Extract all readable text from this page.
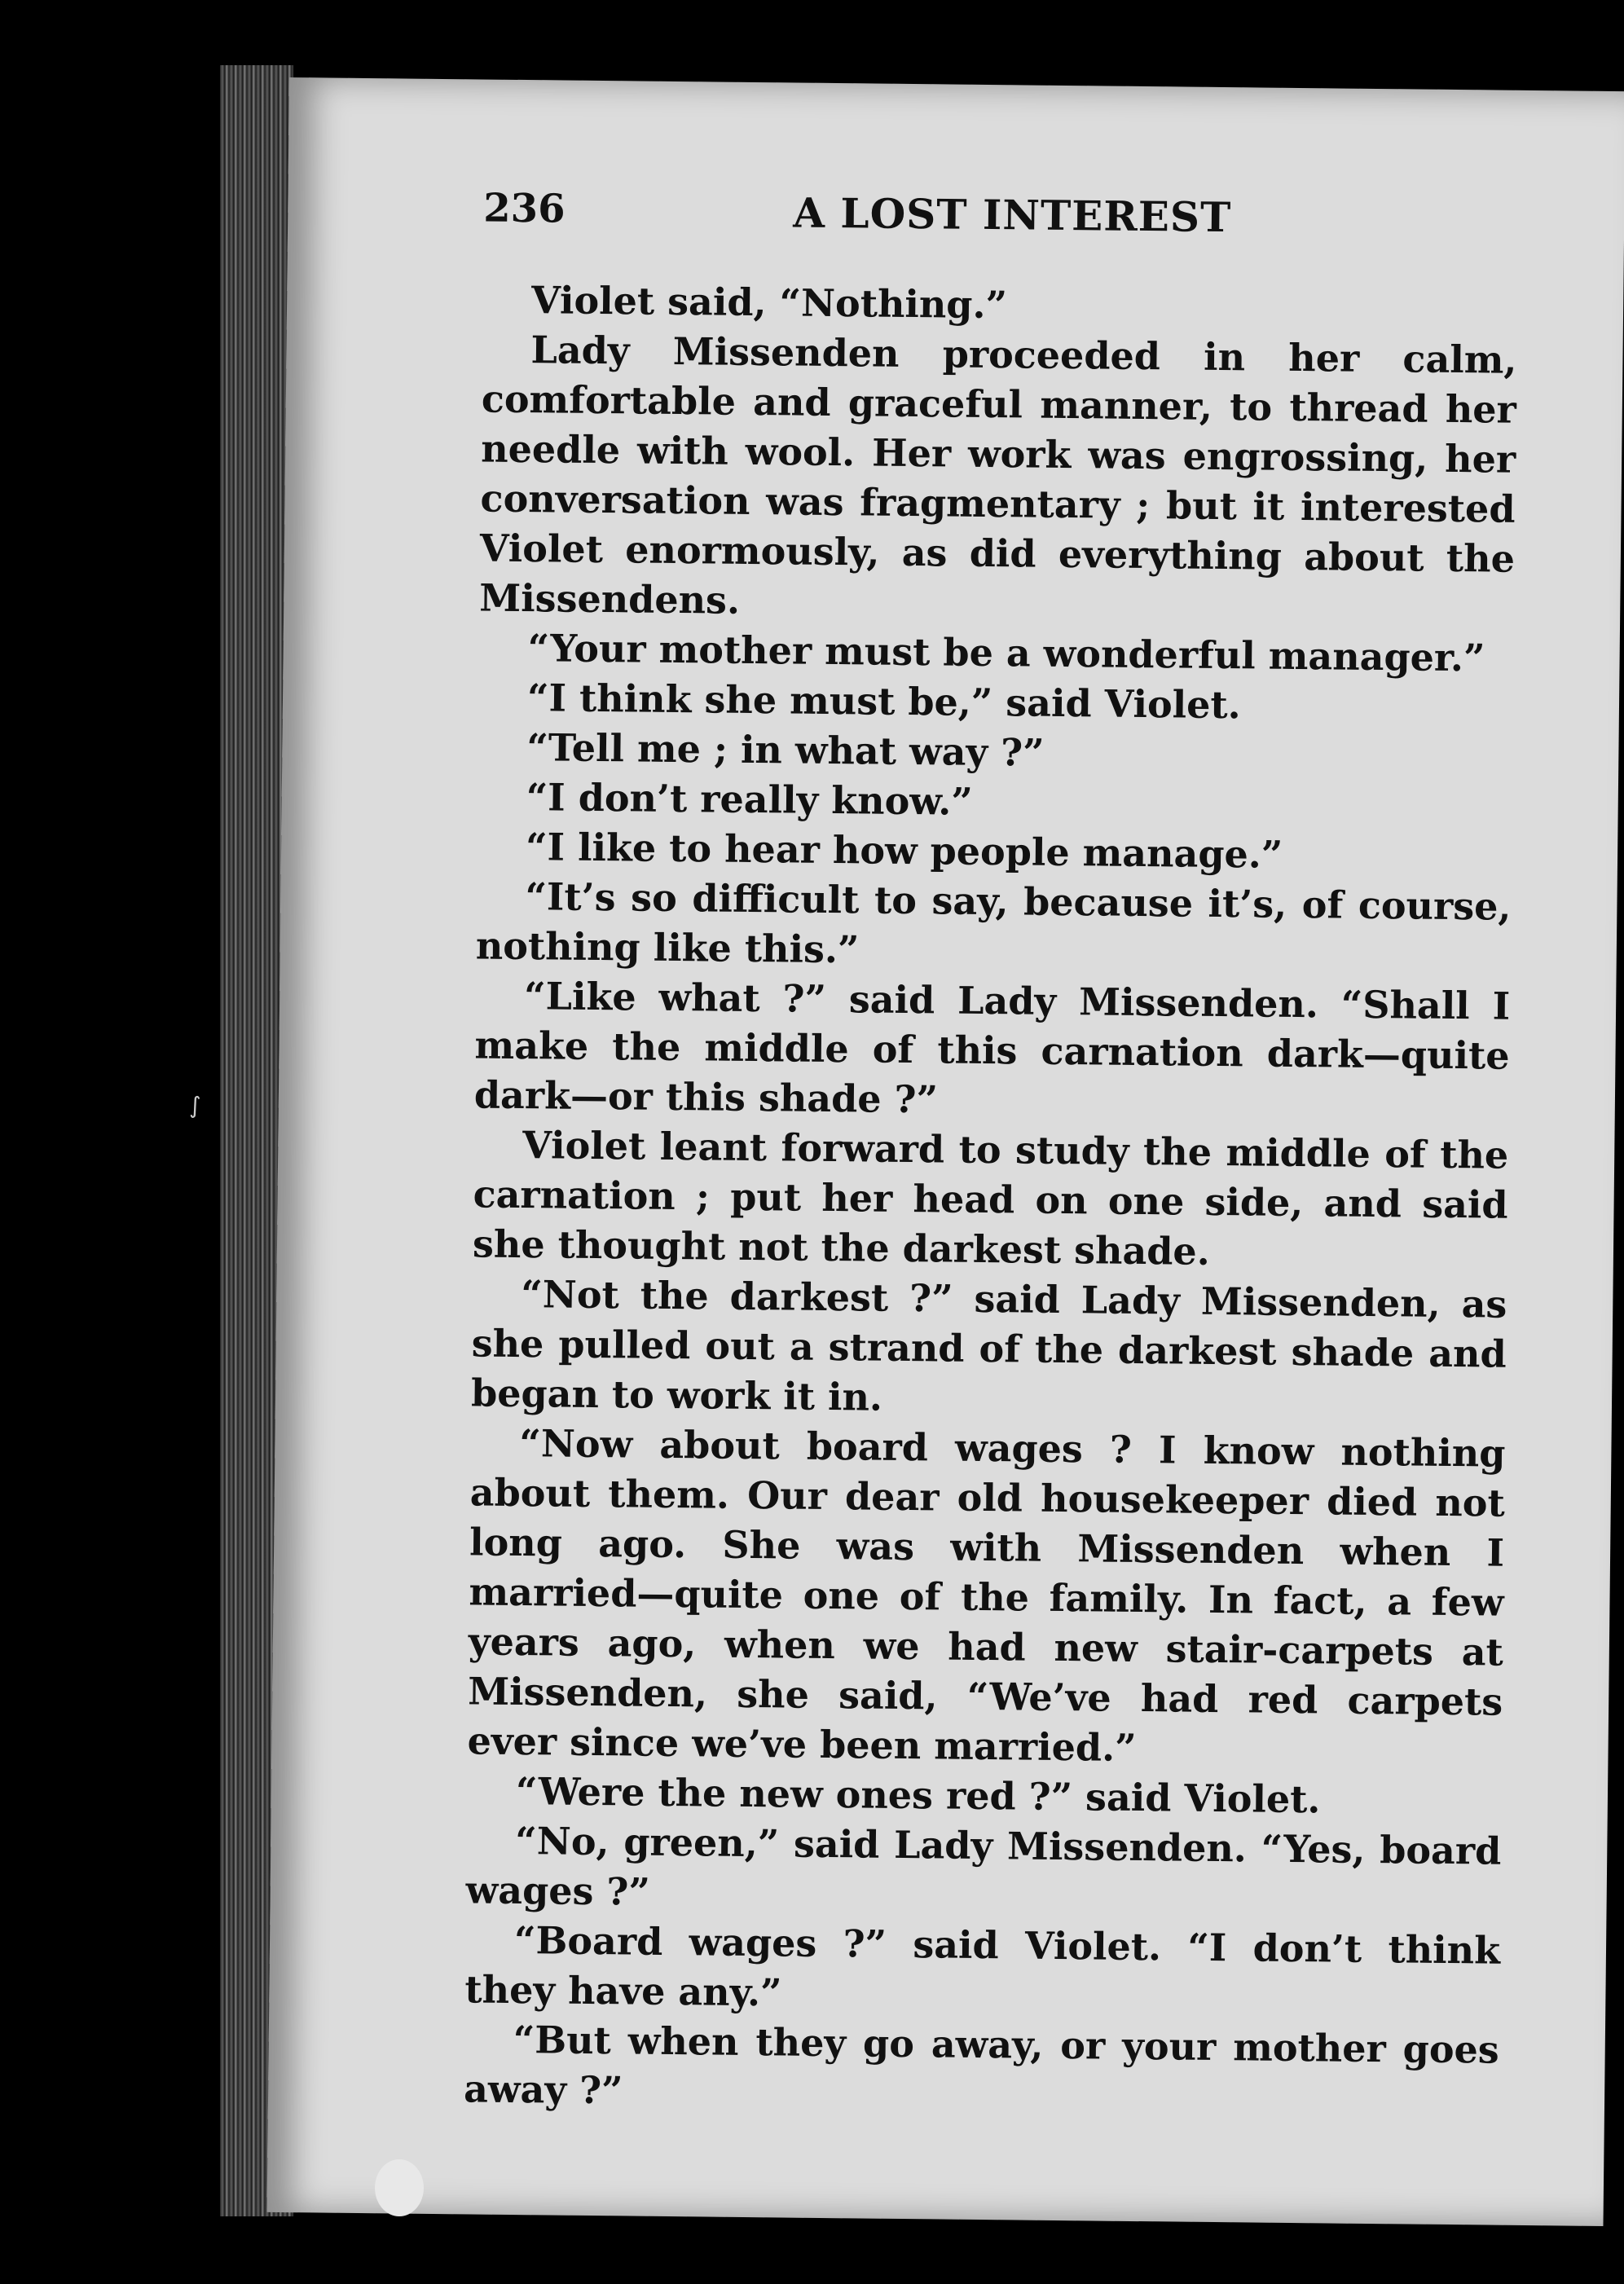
∫
236	A LOST INTEREST

Violet said, “Nothing.”

Lady Missenden proceeded in her calm, comfortable and graceful manner, to thread her needle with wool. Her work was engrossing, her conversation was fragmentary ; but it interested Violet enormously, as did everything about the Missendens.

“Your mother must be a wonderful manager.”

“I think she must be,” said Violet.

“Tell me ; in what way ?”

“I don’t really know.”

“I like to hear how people manage.”

“It’s so difficult to say, because it’s, of course, nothing like this.”

“Like what ?” said Lady Missenden. “Shall I make the middle of this carnation dark—quite dark—or this shade ?”

Violet leant forward to study the middle of the carnation ; put her head on one side, and said she thought not the darkest shade.

“Not the darkest ?” said Lady Missenden, as she pulled out a strand of the darkest shade and began to work it in.

“Now about board wages ? I know nothing about them. Our dear old housekeeper died not long ago. She was with Missenden when I married—quite one of the family. In fact, a few years ago, when we had new stair-carpets at Missenden, she said, “We’ve had red carpets ever since we’ve been married.”

“Were the new ones red ?” said Violet.

“No, green,” said Lady Missenden. “Yes, board wages ?”

“Board wages ?” said Violet. “I don’t think they have any.”

“But when they go away, or your mother goes away ?”
